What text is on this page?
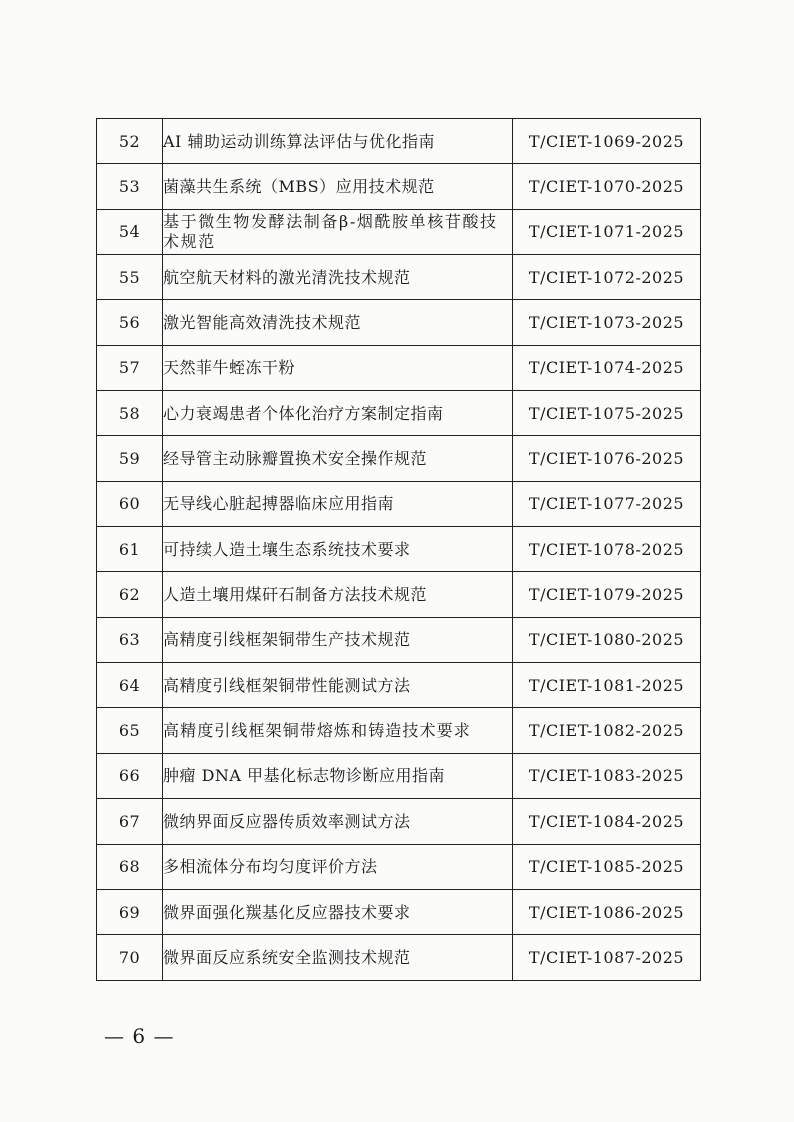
52	AI 辅助运动训练算法评估与优化指南	T/CIET-1069-2025
53	菌藻共生系统（MBS）应用技术规范	T/CIET-1070-2025
54	基于微生物发酵法制备β-烟酰胺单核苷酸技术规范	T/CIET-1071-2025
55	航空航天材料的激光清洗技术规范	T/CIET-1072-2025
56	激光智能高效清洗技术规范	T/CIET-1073-2025
57	天然菲牛蛭冻干粉	T/CIET-1074-2025
58	心力衰竭患者个体化治疗方案制定指南	T/CIET-1075-2025
59	经导管主动脉瓣置换术安全操作规范	T/CIET-1076-2025
60	无导线心脏起搏器临床应用指南	T/CIET-1077-2025
61	可持续人造土壤生态系统技术要求	T/CIET-1078-2025
62	人造土壤用煤矸石制备方法技术规范	T/CIET-1079-2025
63	高精度引线框架铜带生产技术规范	T/CIET-1080-2025
64	高精度引线框架铜带性能测试方法	T/CIET-1081-2025
65	高精度引线框架铜带熔炼和铸造技术要求	T/CIET-1082-2025
66	肿瘤 DNA 甲基化标志物诊断应用指南	T/CIET-1083-2025
67	微纳界面反应器传质效率测试方法	T/CIET-1084-2025
68	多相流体分布均匀度评价方法	T/CIET-1085-2025
69	微界面强化羰基化反应器技术要求	T/CIET-1086-2025
70	微界面反应系统安全监测技术规范	T/CIET-1087-2025
— 6 —
